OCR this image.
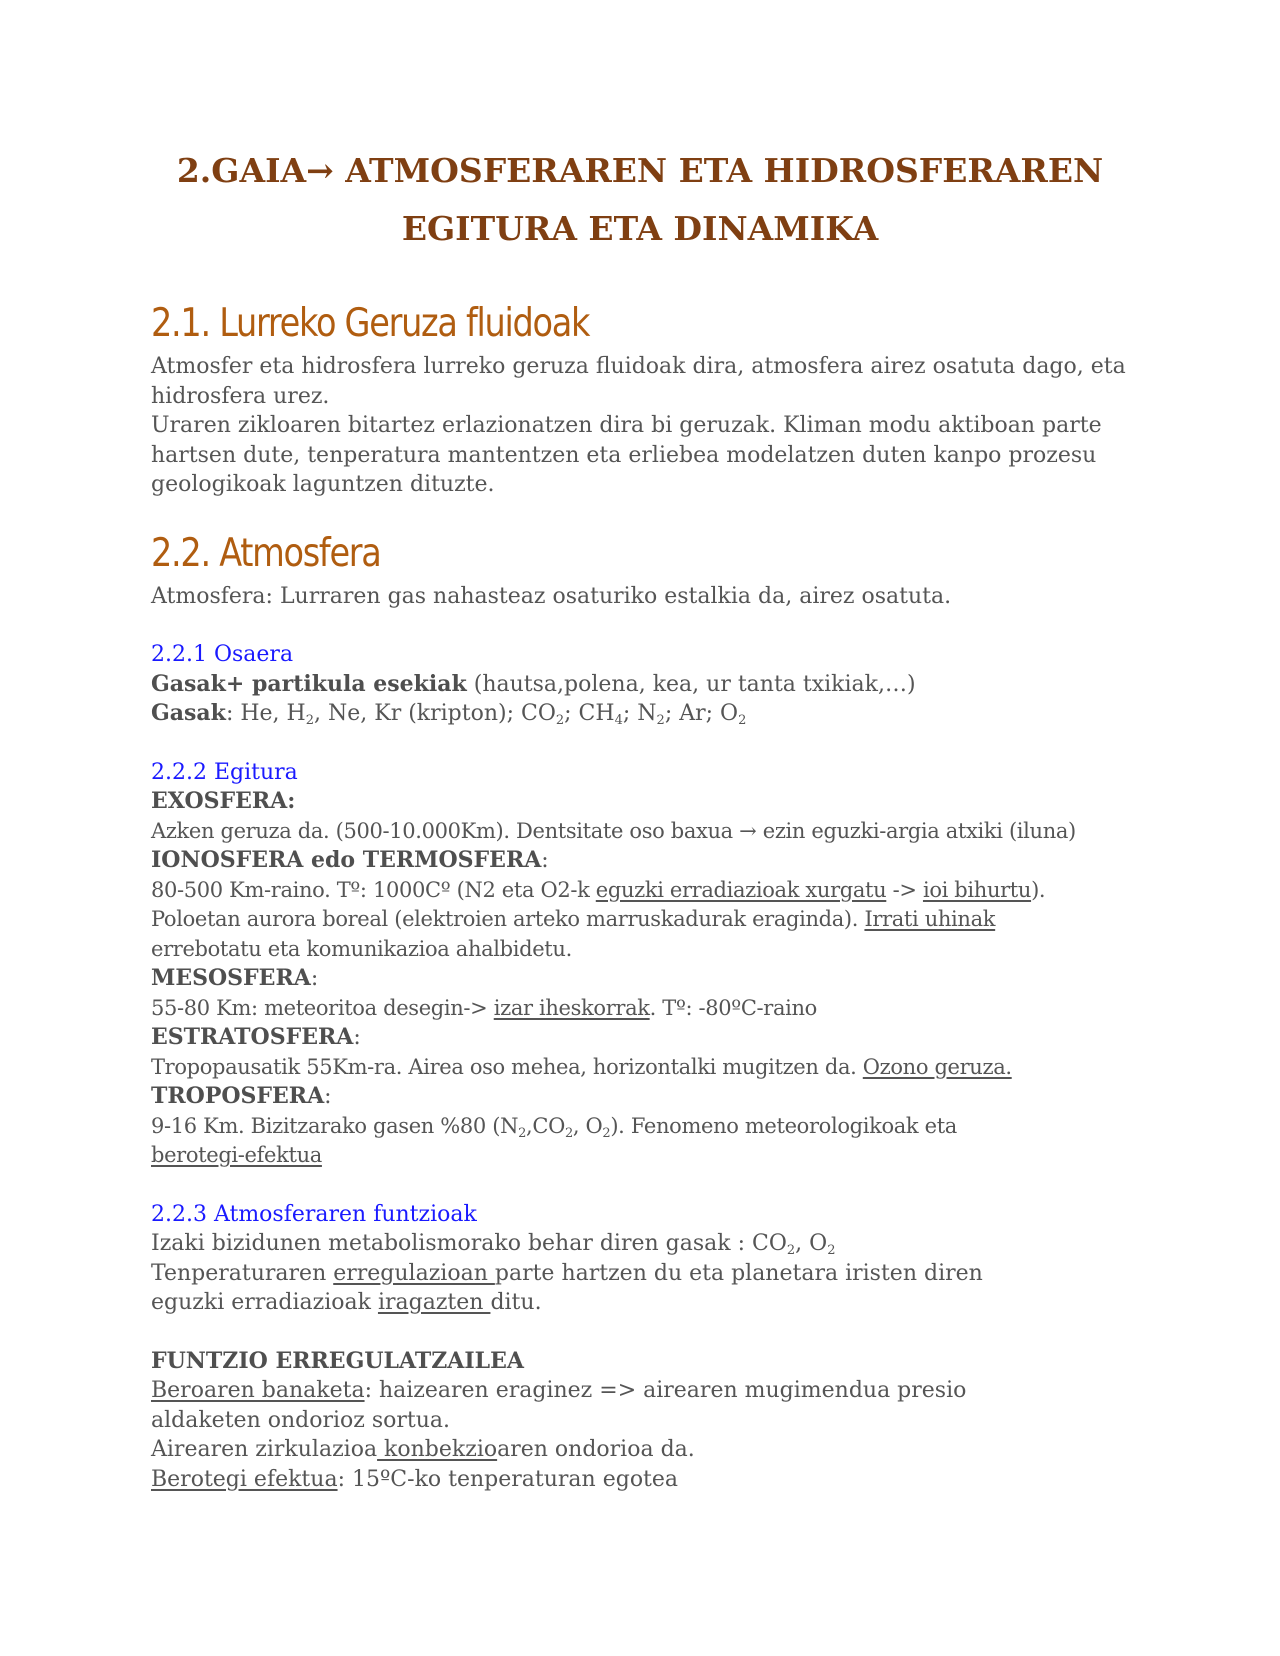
2.GAIA→ ATMOSFERAREN ETA HIDROSFERAREN
EGITURA ETA DINAMIKA
2.1. Lurreko Geruza fluidoak
Atmosfer eta hidrosfera lurreko geruza fluidoak dira, atmosfera airez osatuta dago, eta hidrosfera urez.
Uraren zikloaren bitartez erlazionatzen dira bi geruzak. Kliman modu aktiboan parte hartsen dute, tenperatura mantentzen eta erliebea modelatzen duten kanpo prozesu geologikoak laguntzen dituzte.
2.2. Atmosfera
Atmosfera: Lurraren gas nahasteaz osaturiko estalkia da, airez osatuta.
2.2.1 Osaera
Gasak+ partikula esekiak (hautsa,polena, kea, ur tanta txikiak,…)
Gasak: He, $H_2$, Ne, Kr (kripton); $CO_2$; $CH_4$; $N_2$; Ar; $O_2$
2.2.2 Egitura
EXOSFERA:
Azken geruza da. (500-10.000Km). Dentsitate oso baxua → ezin eguzki-argia atxiki (iluna)
IONOSFERA edo TERMOSFERA:
80-500 Km-raino. Tº: 1000Cº (N2 eta O2-k eguzki erradiazioak xurgatu -> ioi bihurtu).
Poloetan aurora boreal (elektroien arteko marruskadurak eraginda). Irrati uhinak
errebotatu eta komunikazioa ahalbidetu.
MESOSFERA:
55-80 Km: meteoritoa desegin-> izar iheskorrak. Tº: -80ºC-raino
ESTRATOSFERA:
Tropopausatik 55Km-ra. Airea oso mehea, horizontalki mugitzen da. Ozono geruza.
TROPOSFERA:
9-16 Km. Bizitzarako gasen %80 ($N_2,CO_2$, $O_2$). Fenomeno meteorologikoak eta
berotegi-efektua
2.2.3 Atmosferaren funtzioak
Izaki bizidunen metabolismorako behar diren gasak : $CO_2$, $O_2$
Tenperaturaren erregulazioan parte hartzen du eta planetara iristen diren
eguzki erradiazioak iragazten ditu.
FUNTZIO ERREGULATZAILEA
Beroaren banaketa: haizearen eraginez => airearen mugimendua presio
aldaketen ondorioz sortua.
Airearen zirkulazioa konbekzioaren ondorioa da.
Berotegi efektua: 15ºC-ko tenperaturan egotea
